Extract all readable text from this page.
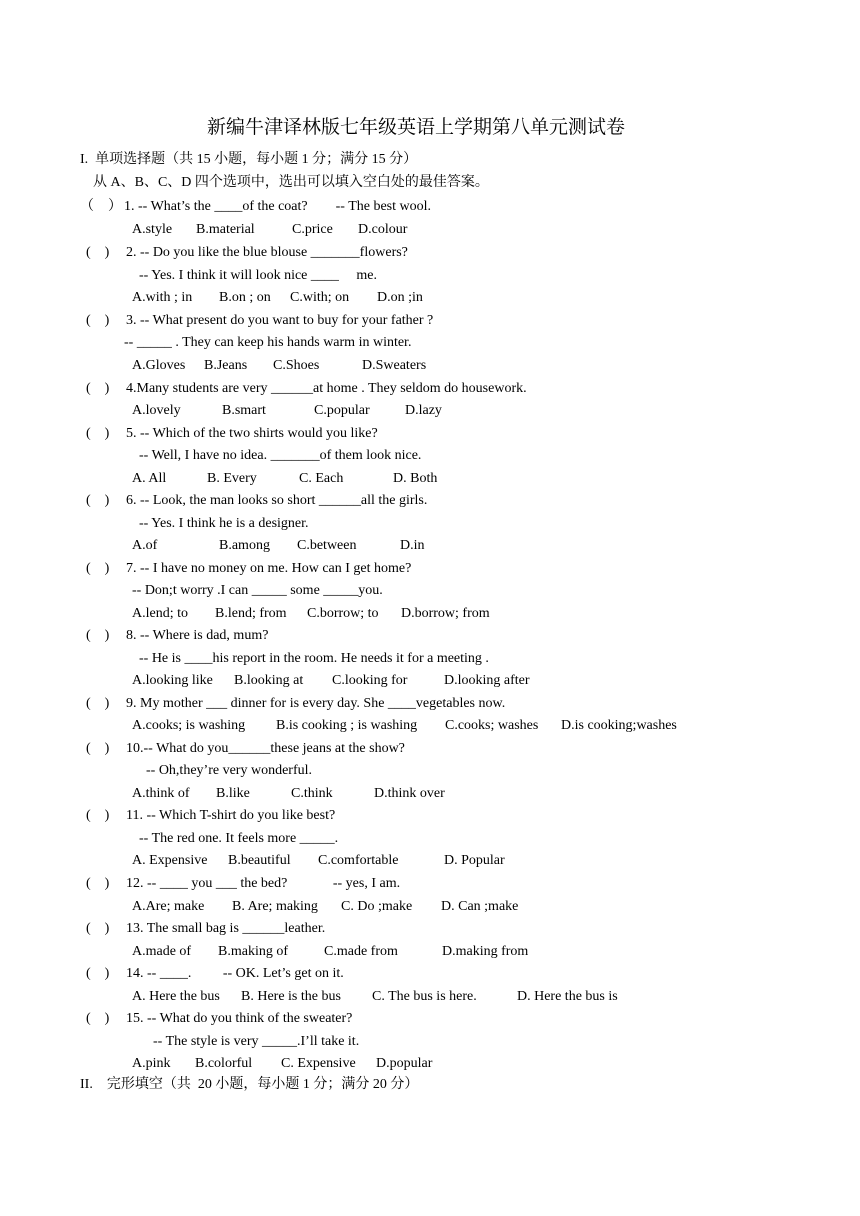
新编牛津译林版七年级英语上学期第八单元测试卷
I.  单项选择题（共 15 小题，每小题 1 分；满分 15 分）
从 A、B、C、D 四个选项中，选出可以填入空白处的最佳答案。
（    ） 1. -- What’s the ____of the coat?        -- The best wool.
A.style B.material	C.price D.colour
(    ) 2. -- Do you like the blue blouse _______flowers?
-- Yes. I think it will look nice ____     me.
A.with ; in B.on ; on C.with; on D.on ;in
(    ) 3. -- What present do you want to buy for your father ?
-- _____ . They can keep his hands warm in winter.
A.Gloves B.Jeans C.Shoes	D.Sweaters
(    ) 4.Many students are very ______at home . They seldom do housework.
A.lovely	B.smart	C.popular	D.lazy
(    ) 5. -- Which of the two shirts would you like?
-- Well, I have no idea. _______of them look nice.
A. All	B. Every	C. Each	D. Both
(    ) 6. -- Look, the man looks so short ______all the girls.
-- Yes. I think he is a designer.
A.of	B.among C.between	D.in
(    ) 7. -- I have no money on me. How can I get home?
-- Don;t worry .I can _____ some _____you.
A.lend; to B.lend; from C.borrow; to D.borrow; from
(    ) 8. -- Where is dad, mum?
-- He is ____his report in the room. He needs it for a meeting .
A.looking like B.looking at C.looking for	D.looking after
(    ) 9. My mother ___ dinner for is every day. She ____vegetables now.
A.cooks; is washing B.is cooking ; is washing C.cooks; washes D.is cooking;washes
(    ) 10.-- What do you______these jeans at the show?
-- Oh,they’re very wonderful.
A.think of B.like	C.think	D.think over
(    ) 11. -- Which T-shirt do you like best?
-- The red one. It feels more _____.
A. Expensive B.beautiful C.comfortable	D. Popular
(    ) 12. -- ____ you ___ the bed?             -- yes, I am.
A.Are; make B. Are; making C. Do ;make D. Can ;make
(    ) 13. The small bag is ______leather.
A.made of B.making of	C.made from	D.making from
(    ) 14. -- ____.         -- OK. Let’s get on it.
A. Here the bus B. Here is the bus C. The bus is here.	D. Here the bus is
(    ) 15. -- What do you think of the sweater?
-- The style is very _____.I’ll take it.
A.pink B.colorful C. Expensive D.popular
II.    完形填空（共  20 小题，每小题 1 分；满分 20 分）
